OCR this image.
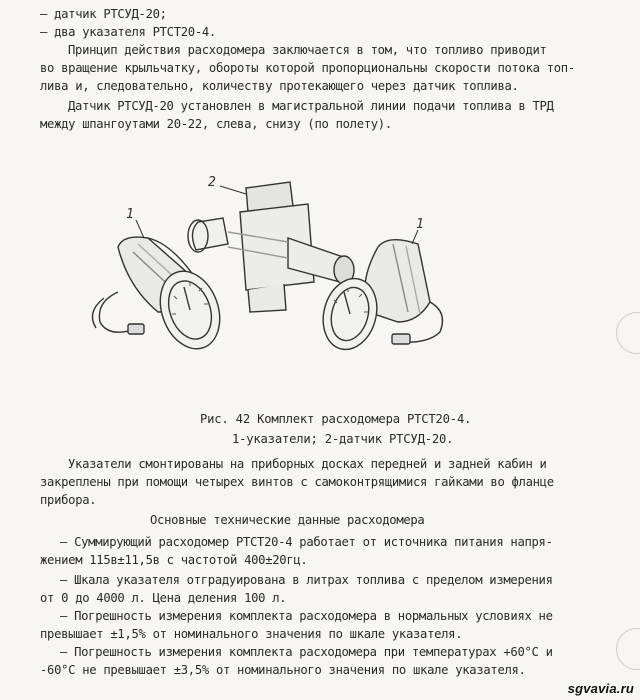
– датчик РТСУД-20;
– два указателя РТСТ20-4.
Принцип действия расходомера заключается в том, что топливо приводит
во вращение крыльчатку, обороты которой пропорциональны скорости потока топ-
лива и, следовательно, количеству протекающего через датчик топлива.
Датчик РТСУД-20 установлен в магистральной линии подачи топлива в ТРД
между шпангоутами 20-22, слева, снизу (по полету).
1
2
1
Рис. 42 Комплект расходомера РТСТ20-4.
1-указатели; 2-датчик РТСУД-20.
Указатели смонтированы на приборных досках передней и задней кабин и
закреплены при помощи четырех винтов с самоконтрящимися гайками во фланце
прибора.
Основные технические данные расходомера
– Суммирующий расходомер РТСТ20-4 работает от источника питания напря-
жением 115в±11,5в с частотой 400±20гц.
– Шкала указателя отградуирована в литрах топлива с пределом измерения
от 0 до 4000 л. Цена деления 100 л.
– Погрешность измерения комплекта расходомера в нормальных условиях не
превышает ±1,5% от номинального значения по шкале указателя.
– Погрешность измерения комплекта расходомера при температурах +60°С и
-60°С не превышает ±3,5% от номинального значения по шкале указателя.
sgvavia.ru
